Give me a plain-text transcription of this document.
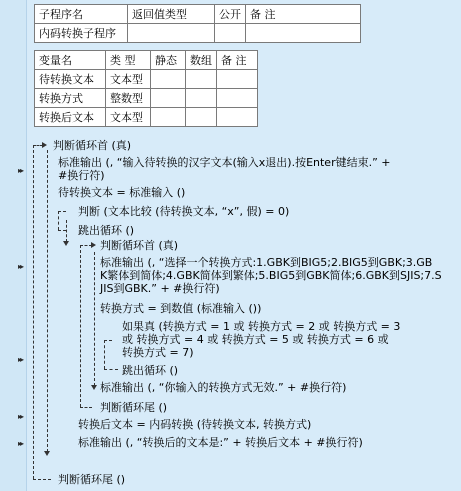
▸▸
▸▸
▸▸
▸▸
▸▸
子程序名	返回值类型	公开	备 注
内码转换子程序			
变量名	类 型	静态	数组	备 注
待转换文本	文本型			
转换方式	整数型			
转换后文本	文本型			
判断循环首 (真)
标准输出 (, “输入待转换的汉字文本(输入x退出).按Enter键结束.” +
#换行符)
待转换文本 = 标准输入 ()
判断 (文本比较 (待转换文本, “x”, 假) = 0)
跳出循环 ()
判断循环首 (真)
标准输出 (, “选择一个转换方式:1.GBK到BIG5;2.BIG5到GBK;3.GB
K繁体到简体;4.GBK简体到繁体;5.BIG5到GBK简体;6.GBK到SJIS;7.S
JIS到GBK.” + #换行符)
转换方式 = 到数值 (标准输入 ())
如果真 (转换方式 = 1 或 转换方式 = 2 或 转换方式 = 3
或 转换方式 = 4 或 转换方式 = 5 或 转换方式 = 6 或
转换方式 = 7)
跳出循环 ()
标准输出 (, “你输入的转换方式无效.” + #换行符)
判断循环尾 ()
转换后文本 = 内码转换 (待转换文本, 转换方式)
标准输出 (, “转换后的文本是:” + 转换后文本 + #换行符)
判断循环尾 ()
